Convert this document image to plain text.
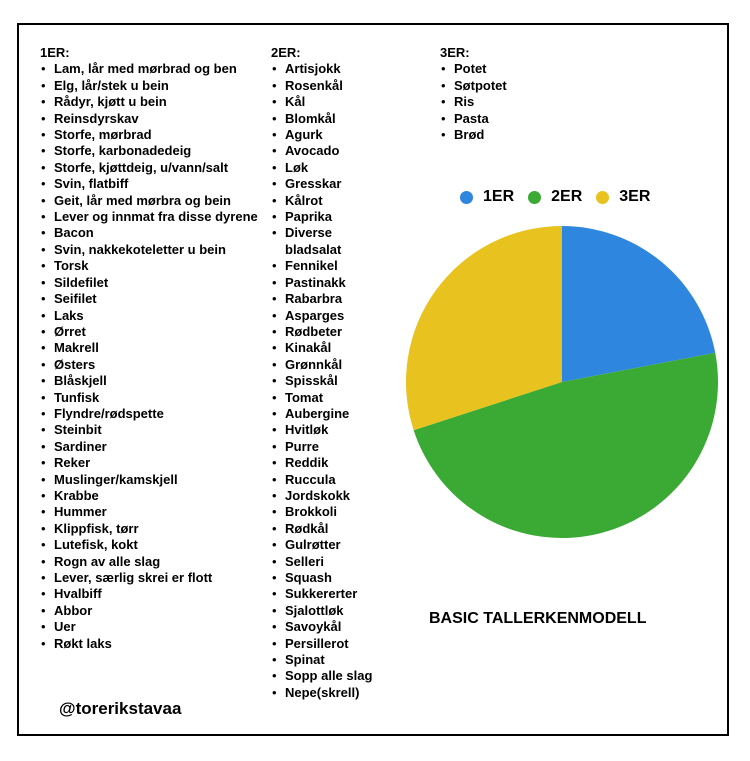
1ER:
• Lam, lår med mørbrad og ben
• Elg, lår/stek u bein
• Rådyr, kjøtt u bein
• Reinsdyrskav
• Storfe, mørbrad
• Storfe, karbonadedeig
• Storfe, kjøttdeig, u/vann/salt
• Svin, flatbiff
• Geit, lår med mørbra og bein
• Lever og innmat fra disse dyrene
• Bacon
• Svin, nakkekoteletter u bein
• Torsk
• Sildefilet
• Seifilet
• Laks
• Ørret
• Makrell
• Østers
• Blåskjell
• Tunfisk
• Flyndre/rødspette
• Steinbit
• Sardiner
• Reker
• Muslinger/kamskjell
• Krabbe
• Hummer
• Klippfisk, tørr
• Lutefisk, kokt
• Rogn av alle slag
• Lever, særlig skrei er flott
• Hvalbiff
• Abbor
• Uer
• Røkt laks
2ER:
• Artisjokk
• Rosenkål
• Kål
• Blomkål
• Agurk
• Avocado
• Løk
• Gresskar
• Kålrot
• Paprika
• Diverse bladsalat
• Fennikel
• Pastinakk
• Rabarbra
• Asparges
• Rødbeter
• Kinakål
• Grønnkål
• Spisskål
• Tomat
• Aubergine
• Hvitløk
• Purre
• Reddik
• Ruccula
• Jordskokk
• Brokkoli
• Rødkål
• Gulrøtter
• Selleri
• Squash
• Sukkererter
• Sjalottløk
• Savoykål
• Persillerot
• Spinat
• Sopp alle slag
• Nepe(skrell)
3ER:
• Potet
• Søtpotet
• Ris
• Pasta
• Brød
1ER 2ER 3ER
BASIC TALLERKENMODELL
@torerikstavaa
